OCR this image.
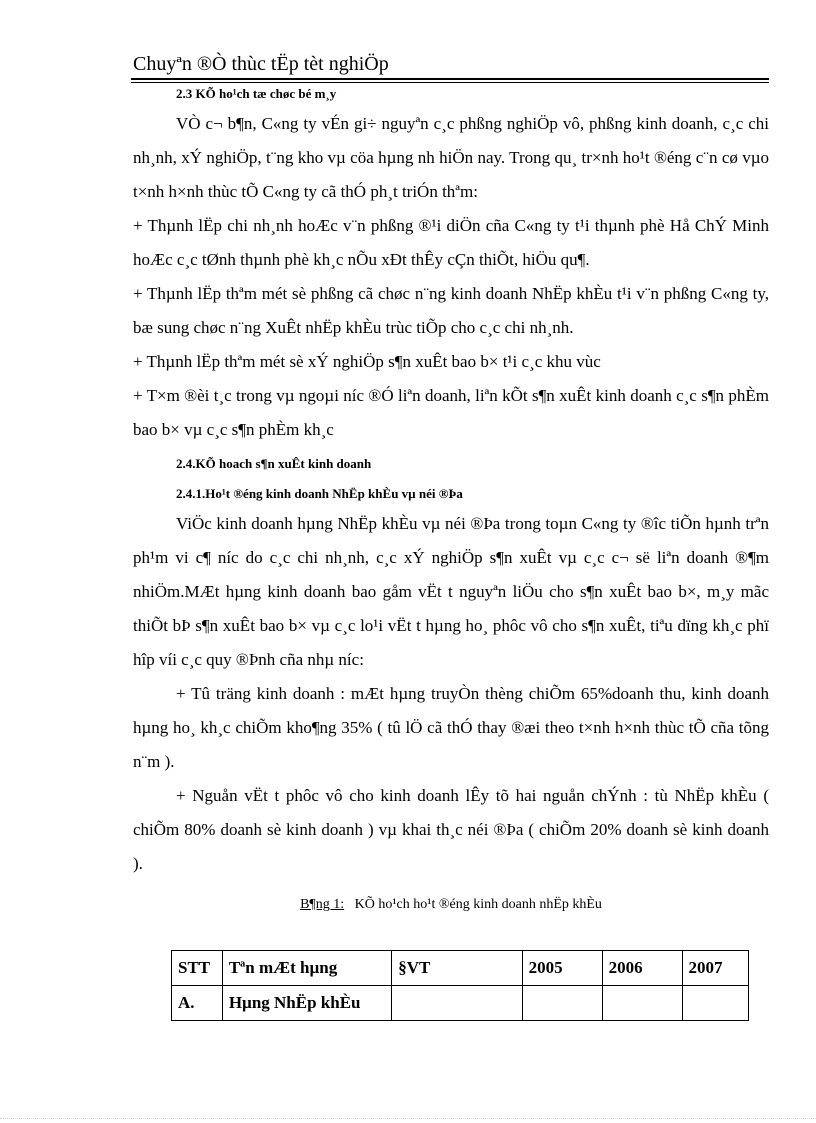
Chuyªn ®Ò thùc tËp tèt nghiÖp
2.3 KÕ ho¹ch tæ chøc bé m¸y

VÒ c¬ b¶n, C«ng ty vÉn gi÷ nguyªn c¸c phßng nghiÖp vô, phßng kinh doanh, c¸c chi nh¸nh, xÝ nghiÖp, t¨ng kho vµ cöa hµng nh hiÖn nay. Trong qu¸ tr×nh ho¹t ®éng c¨n cø vµo t×nh h×nh thùc tÕ C«ng ty cã thÓ ph¸t triÓn thªm:

+ Thµnh lËp chi nh¸nh hoÆc v¨n phßng ®¹i diÖn cña C«ng ty t¹i thµnh phè Hå ChÝ Minh hoÆc c¸c tØnh thµnh phè kh¸c nÕu xÐt thÊy cÇn thiÕt, hiÖu qu¶.

+ Thµnh lËp thªm mét sè phßng cã chøc n¨ng kinh doanh NhËp khÈu t¹i v¨n phßng C«ng ty, bæ sung chøc n¨ng XuÊt nhËp khÈu trùc tiÕp cho c¸c chi nh¸nh.

+ Thµnh lËp thªm mét sè xÝ nghiÖp s¶n xuÊt bao b× t¹i c¸c khu vùc

+ T×m ®èi t¸c trong vµ ngoµi níc ®Ó liªn doanh, liªn kÕt s¶n xuÊt kinh doanh c¸c s¶n phÈm bao b× vµ c¸c s¶n phÈm kh¸c

2.4.KÕ hoach s¶n xuÊt kinh doanh
2.4.1.Ho¹t ®éng kinh doanh NhËp khÈu vµ néi ®Þa

ViÖc kinh doanh hµng NhËp khÈu vµ néi ®Þa trong toµn C«ng ty ®îc tiÕn hµnh trªn ph¹m vi c¶ níc do c¸c chi nh¸nh, c¸c xÝ nghiÖp s¶n xuÊt vµ c¸c c¬ së liªn doanh ®¶m nhiÖm.MÆt hµng kinh doanh bao gåm vËt t nguyªn liÖu cho s¶n xuÊt bao b×, m¸y mãc thiÕt bÞ s¶n xuÊt bao b× vµ c¸c lo¹i vËt t hµng ho¸ phôc vô cho s¶n xuÊt, tiªu dïng kh¸c phï hîp víi c¸c quy ®Þnh cña nhµ níc:

+ Tû träng kinh doanh : mÆt hµng truyÒn thèng chiÕm 65%doanh thu, kinh doanh hµng ho¸ kh¸c chiÕm kho¶ng 35% ( tû lÖ cã thÓ thay ®æi theo t×nh h×nh thùc tÕ cña tõng n¨m ).

+ Nguån vËt t phôc vô cho kinh doanh lÊy tõ hai nguån chÝnh : tù NhËp khÈu ( chiÕm 80% doanh sè kinh doanh ) vµ khai th¸c néi ®Þa ( chiÕm 20% doanh sè kinh doanh ).

B¶ng 1: KÕ ho¹ch ho¹t ®éng kinh doanh nhËp khÈu
STT	Tªn mÆt hµng	§VT	2005	2006	2007
A.	Hµng NhËp khÈu				
